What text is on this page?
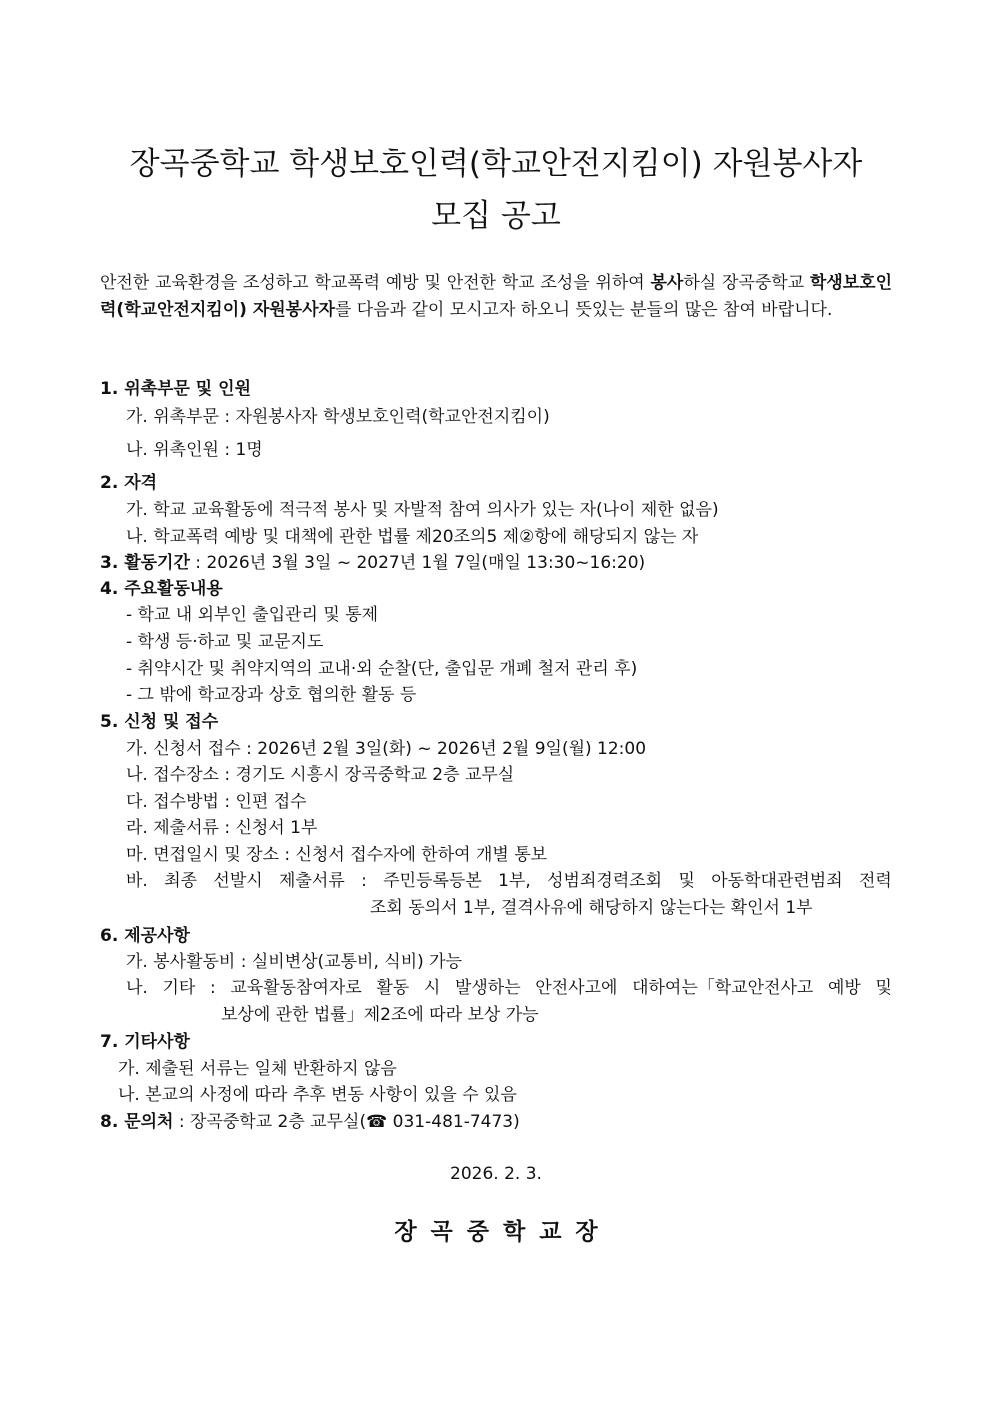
장곡중학교 학생보호인력(학교안전지킴이) 자원봉사자
모집 공고
안전한 교육환경을 조성하고 학교폭력 예방 및 안전한 학교 조성을 위하여 봉사하실 장곡중학교 학생보호인력(학교안전지킴이) 자원봉사자를 다음과 같이 모시고자 하오니 뜻있는 분들의 많은 참여 바랍니다.
1. 위촉부문 및 인원
가. 위촉부문 : 자원봉사자 학생보호인력(학교안전지킴이)
나. 위촉인원 : 1명
2. 자격
가. 학교 교육활동에 적극적 봉사 및 자발적 참여 의사가 있는 자(나이 제한 없음)
나. 학교폭력 예방 및 대책에 관한 법률 제20조의5 제②항에 해당되지 않는 자
3. 활동기간 : 2026년 3월 3일 ~ 2027년 1월 7일(매일 13:30~16:20)
4. 주요활동내용
- 학교 내 외부인 출입관리 및 통제
- 학생 등·하교 및 교문지도
- 취약시간 및 취약지역의 교내·외 순찰(단, 출입문 개폐 철저 관리 후)
- 그 밖에 학교장과 상호 협의한 활동 등
5. 신청 및 접수
가. 신청서 접수 : 2026년 2월 3일(화) ~ 2026년 2월 9일(월) 12:00
나. 접수장소 : 경기도 시흥시 장곡중학교 2층 교무실
다. 접수방법 : 인편 접수
라. 제출서류 : 신청서 1부
마. 면접일시 및 장소 : 신청서 접수자에 한하여 개별 통보
바. 최종 선발시 제출서류 : 주민등록등본 1부, 성범죄경력조회 및 아동학대관련범죄 전력
조회 동의서 1부, 결격사유에 해당하지 않는다는 확인서 1부
6. 제공사항
가. 봉사활동비 : 실비변상(교통비, 식비) 가능
나. 기타 : 교육활동참여자로 활동 시 발생하는 안전사고에 대하여는「학교안전사고 예방 및
보상에 관한 법률」제2조에 따라 보상 가능
7. 기타사항
가. 제출된 서류는 일체 반환하지 않음
나. 본교의 사정에 따라 추후 변동 사항이 있을 수 있음
8. 문의처 : 장곡중학교 2층 교무실(☎ 031-481-7473)
2026. 2. 3.
장곡중학교장
